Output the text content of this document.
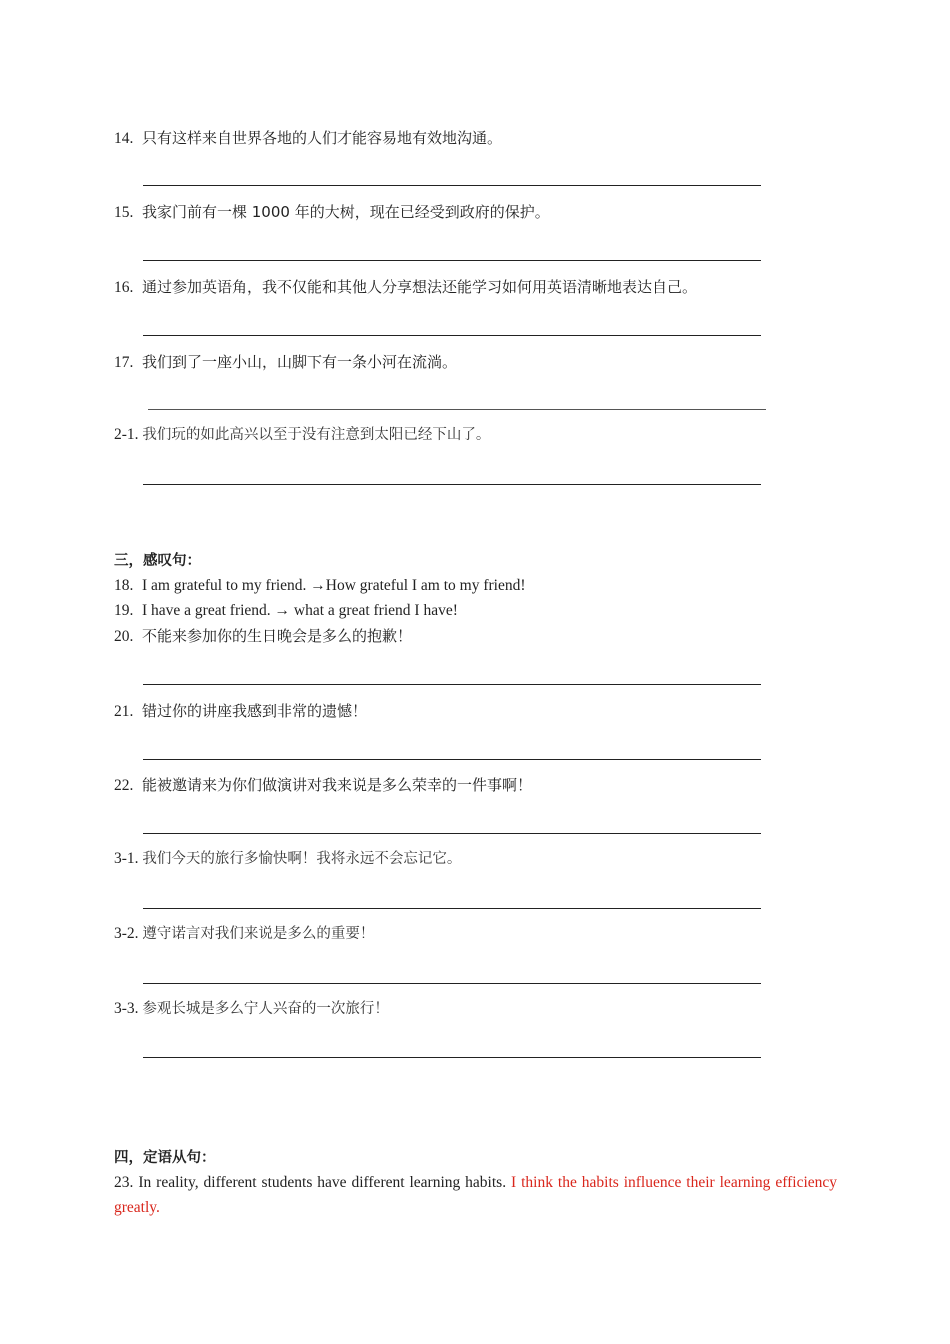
14. 只有这样来自世界各地的人们才能容易地有效地沟通。
15. 我家门前有一棵 1000 年的大树，现在已经受到政府的保护。
16. 通过参加英语角，我不仅能和其他人分享想法还能学习如何用英语清晰地表达自己。
17. 我们到了一座小山，山脚下有一条小河在流淌。
2-1. 我们玩的如此高兴以至于没有注意到太阳已经下山了。
三，感叹句：
18. I am grateful to my friend. →How grateful I am to my friend!
19. I have a great friend. → what a great friend I have!
20. 不能来参加你的生日晚会是多么的抱歉！
21. 错过你的讲座我感到非常的遗憾！
22. 能被邀请来为你们做演讲对我来说是多么荣幸的一件事啊！
3-1. 我们今天的旅行多愉快啊！我将永远不会忘记它。
3-2. 遵守诺言对我们来说是多么的重要！
3-3. 参观长城是多么宁人兴奋的一次旅行！
四，定语从句：
23. In reality, different students have different learning habits. I think the habits influence their learning efficiency greatly.
